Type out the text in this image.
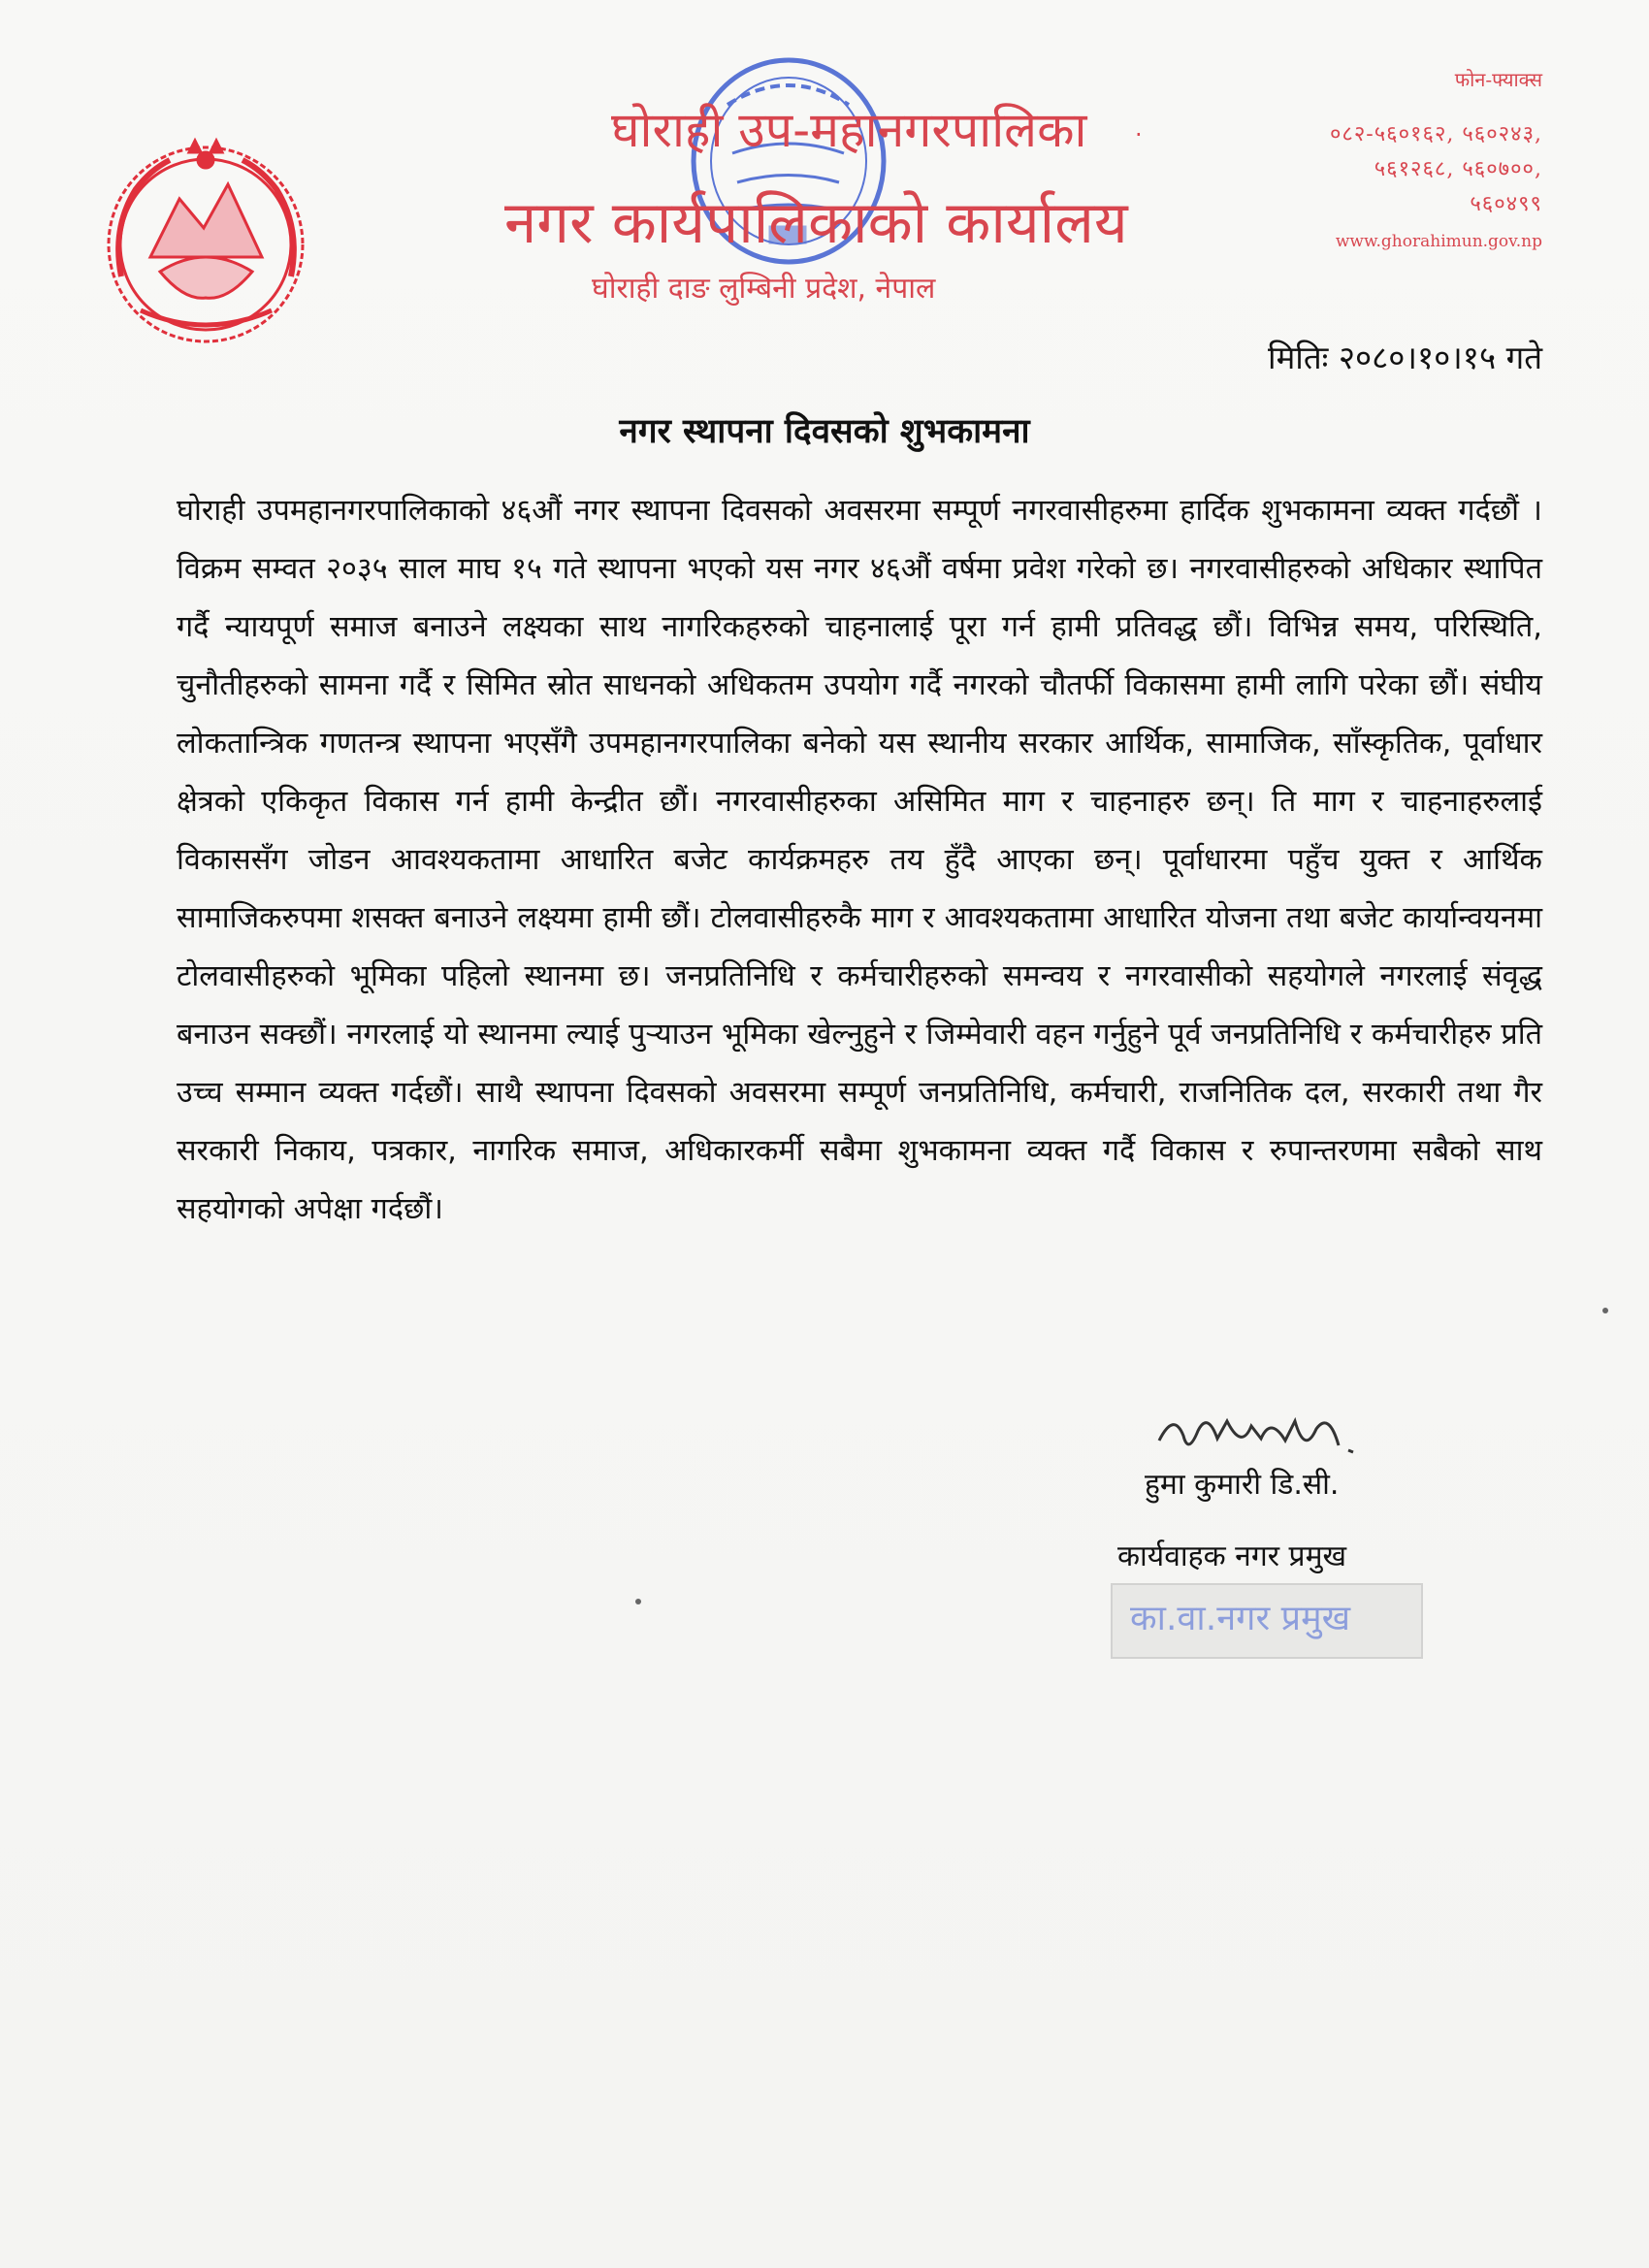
घोराही उप-महानगरपालिका
नगर कार्यपालिकाको कार्यालय
घोराही दाङ लुम्बिनी प्रदेश, नेपाल
·
फोन-फ्याक्स
०८२-५६०१६२, ५६०२४३,
५६१२६८, ५६०७००,
५६०४९९
www.ghorahimun.gov.np
मितिः २०८०।१०।१५ गते
नगर स्थापना दिवसको शुभकामना
घोराही उपमहानगरपालिकाको ४६औं नगर स्थापना दिवसको अवसरमा सम्पूर्ण नगरवासीहरुमा हार्दिक शुभकामना व्यक्त गर्दछौं । विक्रम सम्वत २०३५ साल माघ १५ गते स्थापना भएको यस नगर ४६औं वर्षमा प्रवेश गरेको छ। नगरवासीहरुको अधिकार स्थापित गर्दै न्यायपूर्ण समाज बनाउने लक्ष्यका साथ नागरिकहरुको चाहनालाई पूरा गर्न हामी प्रतिवद्ध छौं। विभिन्न समय, परिस्थिति, चुनौतीहरुको सामना गर्दै र सिमित स्रोत साधनको अधिकतम उपयोग गर्दै नगरको चौतर्फी विकासमा हामी लागि परेका छौं। संघीय लोकतान्त्रिक गणतन्त्र स्थापना भएसँगै उपमहानगरपालिका बनेको यस स्थानीय सरकार आर्थिक, सामाजिक, साँस्कृतिक, पूर्वाधार क्षेत्रको एकिकृत विकास गर्न हामी केन्द्रीत छौं। नगरवासीहरुका असिमित माग र चाहनाहरु छन्। ति माग र चाहनाहरुलाई विकाससँग जोडन आवश्यकतामा आधारित बजेट कार्यक्रमहरु तय हुँदै आएका छन्। पूर्वाधारमा पहुँच युक्त र आर्थिक सामाजिकरुपमा शसक्त बनाउने लक्ष्यमा हामी छौं। टोलवासीहरुकै माग र आवश्यकतामा आधारित योजना तथा बजेट कार्यान्वयनमा टोलवासीहरुको भूमिका पहिलो स्थानमा छ। जनप्रतिनिधि र कर्मचारीहरुको समन्वय र नगरवासीको सहयोगले नगरलाई संवृद्ध बनाउन सक्छौं। नगरलाई यो स्थानमा ल्याई पुऱ्याउन भूमिका खेल्नुहुने र जिम्मेवारी वहन गर्नुहुने पूर्व जनप्रतिनिधि र कर्मचारीहरु प्रति उच्च सम्मान व्यक्त गर्दछौं। साथै स्थापना दिवसको अवसरमा सम्पूर्ण जनप्रतिनिधि, कर्मचारी, राजनितिक दल, सरकारी तथा गैर सरकारी निकाय, पत्रकार, नागरिक समाज, अधिकारकर्मी सबैमा शुभकामना व्यक्त गर्दै विकास र रुपान्तरणमा सबैको साथ सहयोगको अपेक्षा गर्दछौं।
हुमा कुमारी डि.सी.
कार्यवाहक नगर प्रमुख
का.वा.नगर प्रमुख
